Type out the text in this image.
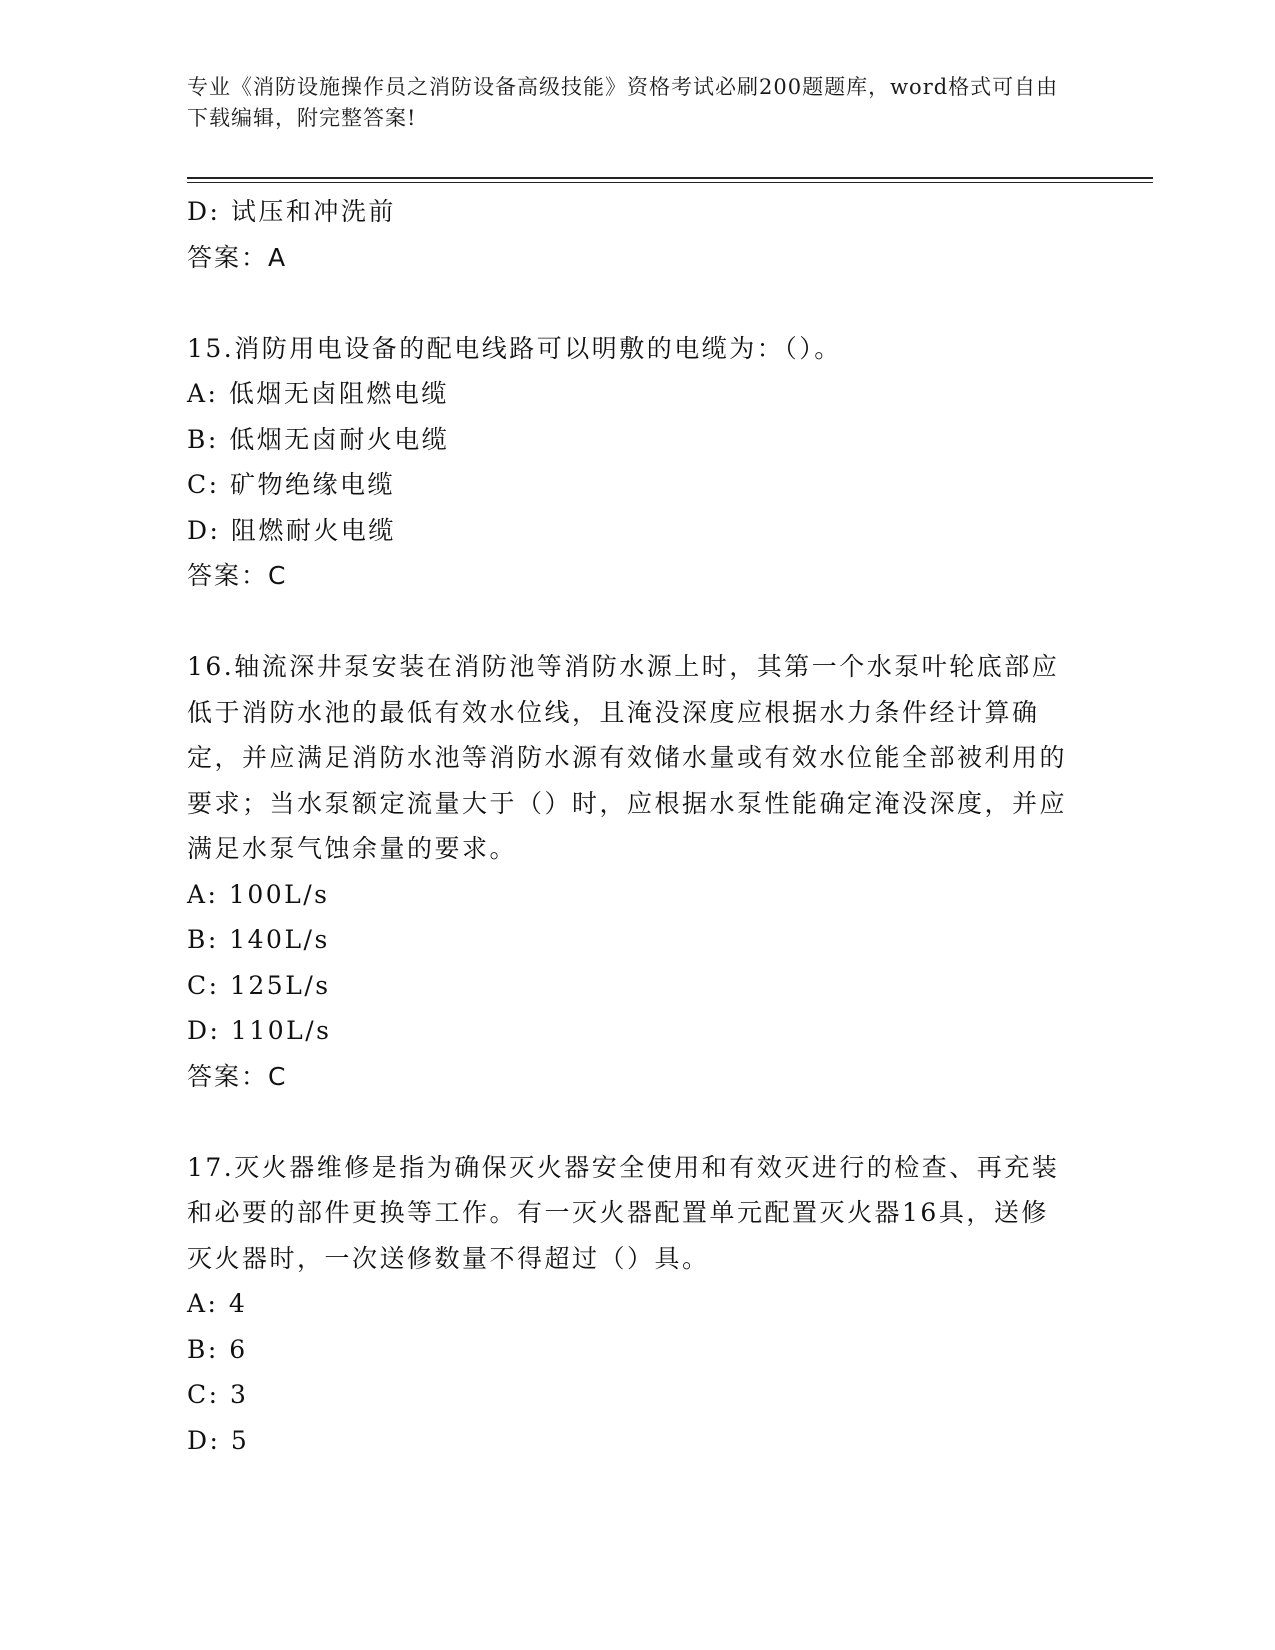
专业《消防设施操作员之消防设备高级技能》资格考试必刷200题题库，word格式可自由下载编辑，附完整答案!
D: 试压和冲洗前
答案：A
15.消防用电设备的配电线路可以明敷的电缆为：（）。
A: 低烟无卤阻燃电缆
B: 低烟无卤耐火电缆
C: 矿物绝缘电缆
D: 阻燃耐火电缆
答案：C
16.轴流深井泵安装在消防池等消防水源上时，其第一个水泵叶轮底部应低于消防水池的最低有效水位线，且淹没深度应根据水力条件经计算确定，并应满足消防水池等消防水源有效储水量或有效水位能全部被利用的要求；当水泵额定流量大于（）时，应根据水泵性能确定淹没深度，并应满足水泵气蚀余量的要求。
A: 100L/s
B: 140L/s
C: 125L/s
D: 110L/s
答案：C
17.灭火器维修是指为确保灭火器安全使用和有效灭进行的检查、再充装和必要的部件更换等工作。有一灭火器配置单元配置灭火器16具，送修灭火器时，一次送修数量不得超过（）具。
A: 4
B: 6
C: 3
D: 5
